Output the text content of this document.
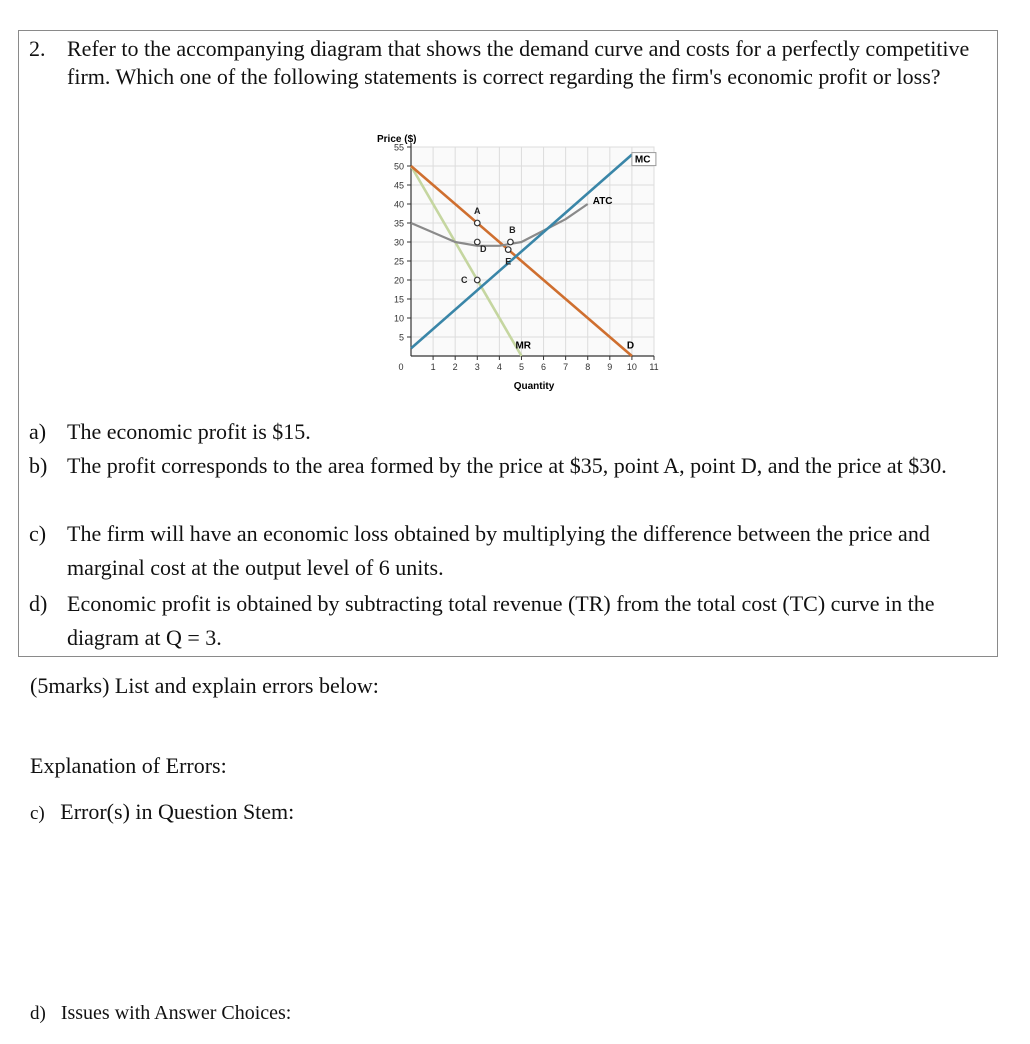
2. Refer to the accompanying diagram that shows the demand curve and costs for a perfectly competitive firm. Which one of the following statements is correct regarding the firm's economic profit or loss?
Price ($)
Quantity
55
50
45
40
35
30
25
20
15
10
5
0	1 2 3 4 5 6 7 8 9 10 11
A
B
C
D
E
MC
ATC
MR	D
a) The economic profit is $15.
b) The profit corresponds to the area formed by the price at $35, point A, point D, and the price at $30.
c) The firm will have an economic loss obtained by multiplying the difference between the price and marginal cost at the output level of 6 units.
d) Economic profit is obtained by subtracting total revenue (TR) from the total cost (TC) curve in the diagram at Q = 3.
(5marks) List and explain errors below:
Explanation of Errors:
c) Error(s) in Question Stem:
d) Issues with Answer Choices:
